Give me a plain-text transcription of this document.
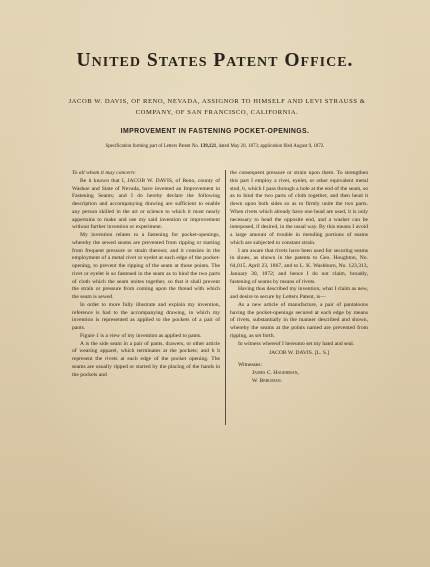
United States Patent Office.
JACOB W. DAVIS, OF RENO, NEVADA, ASSIGNOR TO HIMSELF AND LEVI STRAUSS & COMPANY, OF SAN FRANCISCO, CALIFORNIA.
IMPROVEMENT IN FASTENING POCKET-OPENINGS.
Specification forming part of Letters Patent No. 139,121, dated May 20, 1873; application filed August 9, 1872.

To all whom it may concern:

Be it known that I, JACOB W. DAVIS, of Reno, county of Washoe and State of Nevada, have invented an Improvement in Fastening Seams; and I do hereby declare the following description and accompanying drawing are sufficient to enable any person skilled in the art or science to which it most nearly appertains to make and use my said invention or improvement without further invention or experiment.

My invention relates to a fastening for pocket-openings, whereby the sewed seams are prevented from ripping or starting from frequent pressure or strain thereon; and it consists in the employment of a metal rivet or eyelet at each edge of the pocket-opening, to prevent the ripping of the seam at those points. The rivet or eyelet is so fastened in the seam as to bind the two parts of cloth which the seam unites together, so that it shall prevent the strain or pressure from coming upon the thread with which the seam is sewed.

In order to more fully illustrate and explain my invention, reference is had to the accompanying drawing, in which my invention is represented as applied to the pockets of a pair of pants.

Figure 1 is a view of my invention as applied to pants.

A is the side seam in a pair of pants, drawers, or other article of wearing apparel, which terminates at the pockets; and b b represent the rivets at each edge of the pocket opening. The seams are usually ripped or started by the placing of the hands in the pockets and

the consequent pressure or strain upon them. To strengthen this part I employ a rivet, eyelet, or other equivalent metal stud, b, which I pass through a hole at the end of the seam, so as to bind the two parts of cloth together, and then head it down upon both sides so as to firmly unite the two parts. When rivets which already have one head are used, it is only necessary to head the opposite end, and a washer can be interposed, if desired, in the usual way. By this means I avoid a large amount of trouble in mending portions of seams which are subjected to constant strain.

I am aware that rivets have been used for securing seams in shoes, as shown in the patents to Geo. Houghton, No. 64,015, April 23, 1867, and to L. K. Washburn, No. 123,313, January 30, 1872; and hence I do not claim, broadly, fastening of seams by means of rivets.

Having thus described my invention, what I claim as new, and desire to secure by Letters Patent, is—

As a new article of manufacture, a pair of pantaloons having the pocket-openings secured at each edge by means of rivets, substantially in the manner described and shown, whereby the seams at the points named are prevented from ripping, as set forth.

In witness whereof I hereunto set my hand and seal.

JACOB W. DAVIS. [L. S.]
Witnesses:
James C. Hagerman,
W. Bergman.
